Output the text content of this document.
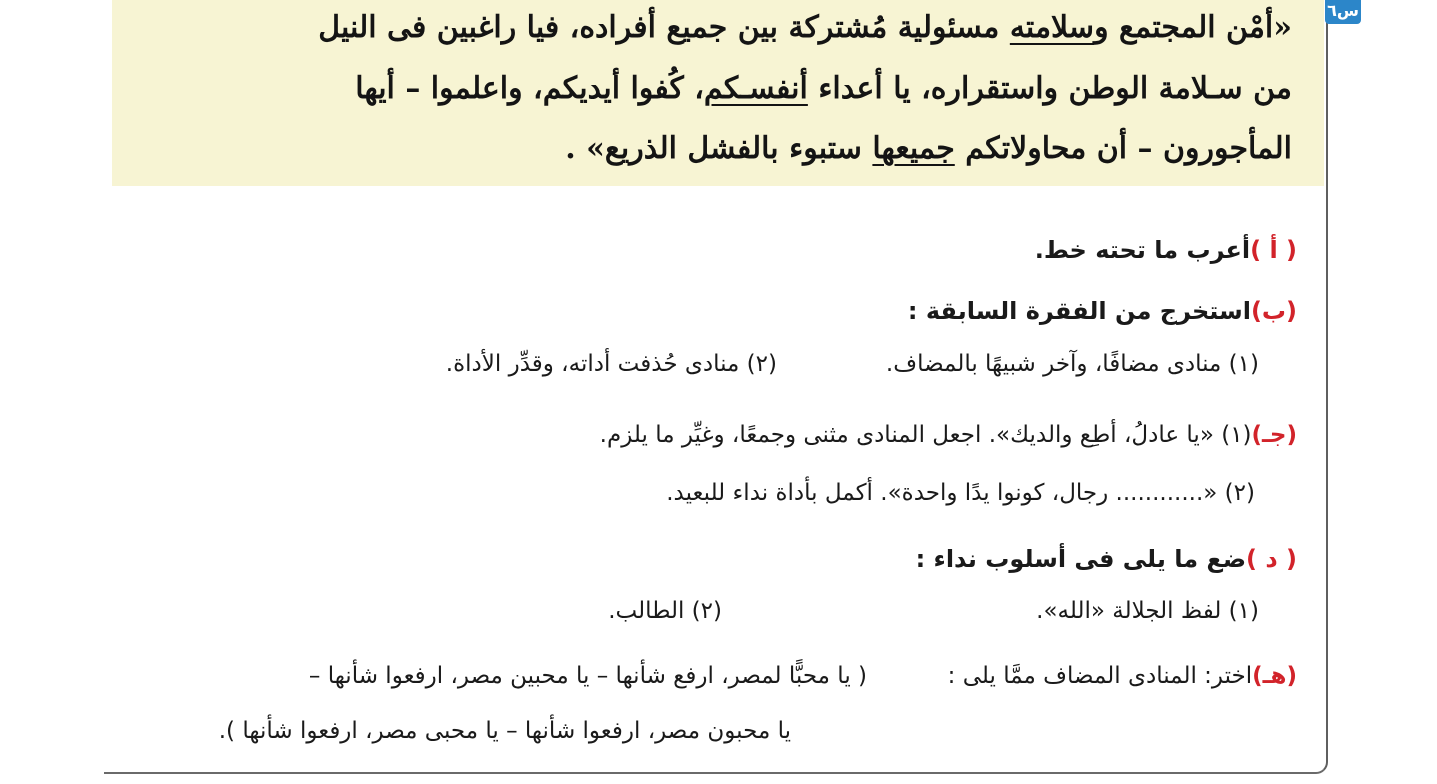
س٦
«أمْن المجتمع وسلامته مسئولية مُشتركة بين جميع أفراده، فيا راغبين فى النيل
من سـلامة الوطن واستقراره، يا أعداء أنفسـكم، كُفوا أيديكم، واعلموا – أيها
المأجورون – أن محاولاتكم جميعها ستبوء بالفشل الذريع» .
( أ )أعرب ما تحته خط.
(ب)استخرج من الفقرة السابقة :
(١) منادى مضافًا، وآخر شبيهًا بالمضاف.
(٢) منادى حُذفت أداته، وقدِّر الأداة.
(جـ)(١) «يا عادلُ، أطِع والديك». اجعل المنادى مثنى وجمعًا، وغيِّر ما يلزم.
(٢) «............ رجال، كونوا يدًا واحدة». أكمل بأداة نداء للبعيد.
( د )ضع ما يلى فى أسلوب نداء :
(١) لفظ الجلالة «الله».
(٢) الطالب.
(هـ)اختر: المنادى المضاف ممَّا يلى :
( يا محبًّا لمصر، ارفع شأنها – يا محبين مصر، ارفعوا شأنها –
يا محبون مصر، ارفعوا شأنها – يا محبى مصر، ارفعوا شأنها ).
